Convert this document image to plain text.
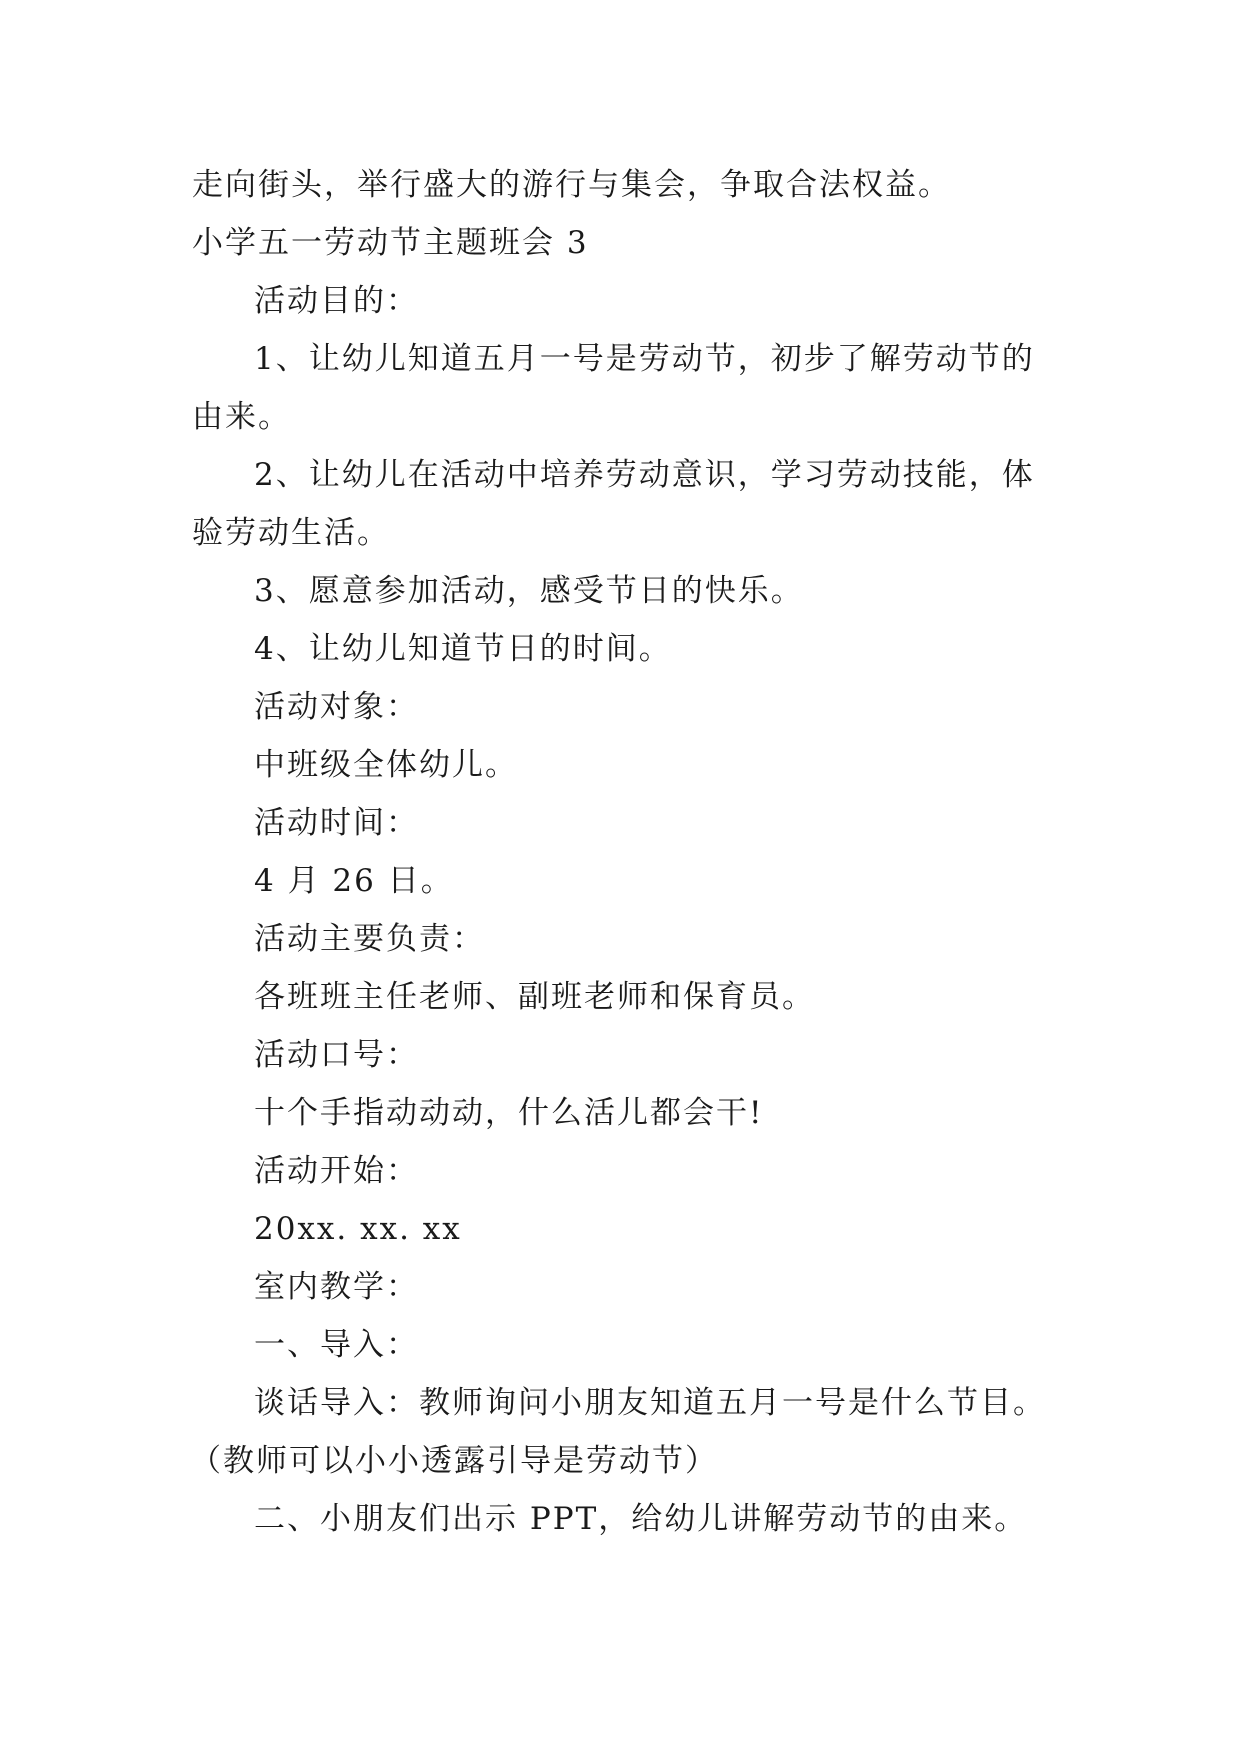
走向街头，举行盛大的游行与集会，争取合法权益。
小学五一劳动节主题班会 3
活动目的：
1、让幼儿知道五月一号是劳动节，初步了解劳动节的
由来。
2、让幼儿在活动中培养劳动意识，学习劳动技能，体
验劳动生活。
3、愿意参加活动，感受节日的快乐。
4、让幼儿知道节日的时间。
活动对象：
中班级全体幼儿。
活动时间：
4 月 26 日。
活动主要负责：
各班班主任老师、副班老师和保育员。
活动口号：
十个手指动动动，什么活儿都会干!
活动开始：
20xx. xx. xx
室内教学：
一、导入：
谈话导入：教师询问小朋友知道五月一号是什么节目。
（教师可以小小透露引导是劳动节）
二、小朋友们出示 PPT，给幼儿讲解劳动节的由来。
